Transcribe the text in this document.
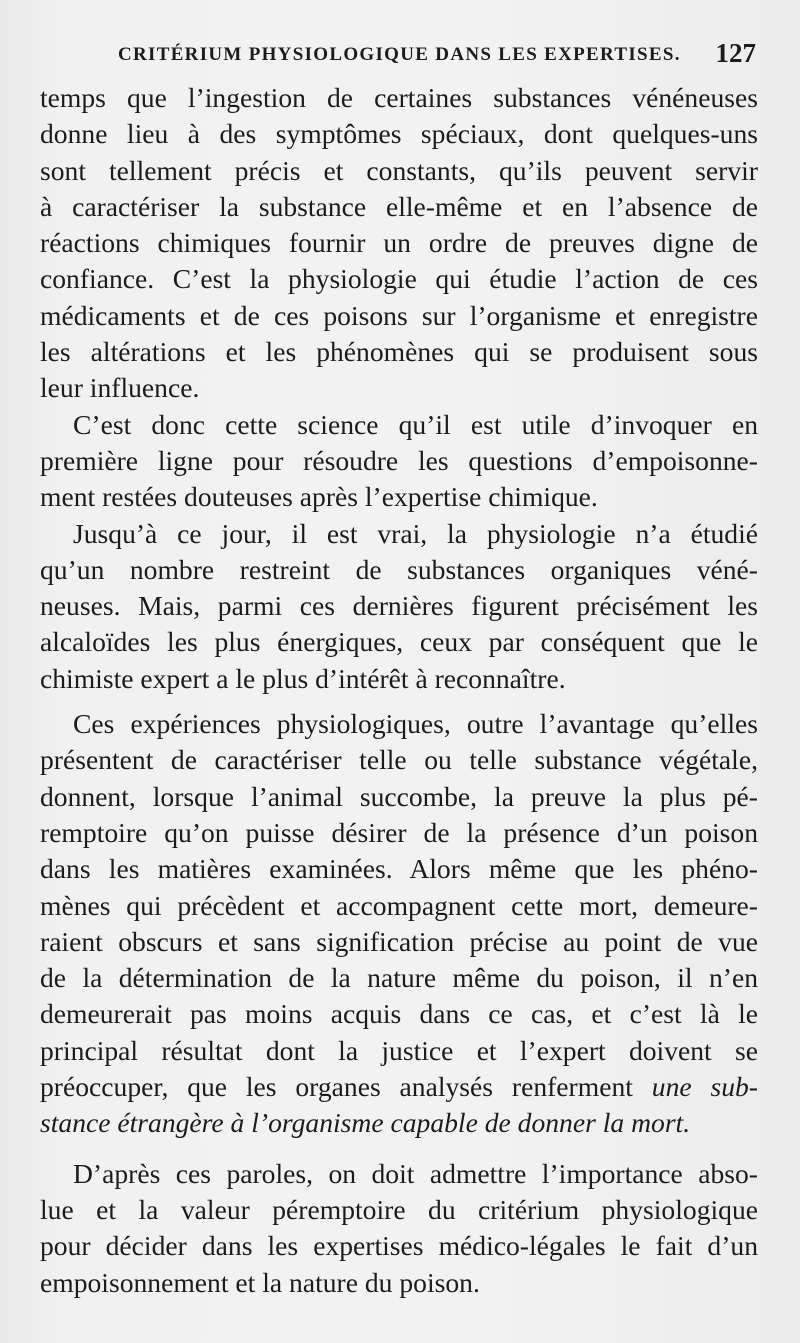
CRITÉRIUM PHYSIOLOGIQUE DANS LES EXPERTISES. 127

temps que l’ingestion de certaines substances vénéneuses
donne lieu à des symptômes spéciaux, dont quelques-uns
sont tellement précis et constants, qu’ils peuvent servir
à caractériser la substance elle-même et en l’absence de
réactions chimiques fournir un ordre de preuves digne de
confiance. C’est la physiologie qui étudie l’action de ces
médicaments et de ces poisons sur l’organisme et enregistre
les altérations et les phénomènes qui se produisent sous
leur influence.

C’est donc cette science qu’il est utile d’invoquer en
première ligne pour résoudre les questions d’empoisonne-
ment restées douteuses après l’expertise chimique.

Jusqu’à ce jour, il est vrai, la physiologie n’a étudié
qu’un nombre restreint de substances organiques véné-
neuses. Mais, parmi ces dernières figurent précisément les
alcaloïdes les plus énergiques, ceux par conséquent que le
chimiste expert a le plus d’intérêt à reconnaître.

Ces expériences physiologiques, outre l’avantage qu’elles
présentent de caractériser telle ou telle substance végétale,
donnent, lorsque l’animal succombe, la preuve la plus pé-
remptoire qu’on puisse désirer de la présence d’un poison
dans les matières examinées. Alors même que les phéno-
mènes qui précèdent et accompagnent cette mort, demeure-
raient obscurs et sans signification précise au point de vue
de la détermination de la nature même du poison, il n’en
demeurerait pas moins acquis dans ce cas, et c’est là le
principal résultat dont la justice et l’expert doivent se
préoccuper, que les organes analysés renferment une sub-
stance étrangère à l’organisme capable de donner la mort.

D’après ces paroles, on doit admettre l’importance abso-
lue et la valeur péremptoire du critérium physiologique
pour décider dans les expertises médico-légales le fait d’un
empoisonnement et la nature du poison.
